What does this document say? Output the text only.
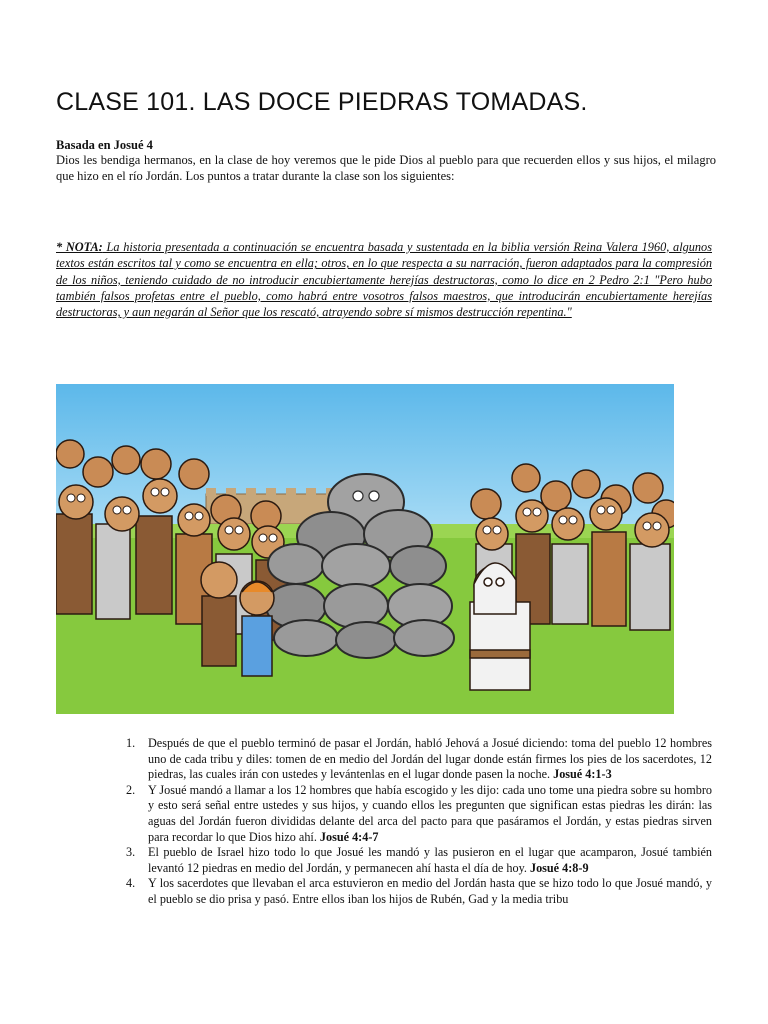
CLASE 101. LAS DOCE PIEDRAS TOMADAS.
Basada en Josué 4
Dios les bendiga hermanos, en la clase de hoy veremos que le pide Dios al pueblo para que recuerden ellos y sus hijos, el milagro que hizo en el río Jordán. Los puntos a tratar durante la clase son los siguientes:
* NOTA: La historia presentada a continuación se encuentra basada y sustentada en la biblia versión Reina Valera 1960, algunos textos están escritos tal y como se encuentra en ella; otros, en lo que respecta a su narración, fueron adaptados para la compresión de los niños, teniendo cuidado de no introducir encubiertamente herejías destructoras, como lo dice en 2 Pedro 2:1 "Pero hubo también falsos profetas entre el pueblo, como habrá entre vosotros falsos maestros, que introducirán encubiertamente herejías destructoras, y aun negarán al Señor que los rescató, atrayendo sobre sí mismos destrucción repentina."
1. Después de que el pueblo terminó de pasar el Jordán, habló Jehová a Josué diciendo: toma del pueblo 12 hombres uno de cada tribu y diles: tomen de en medio del Jordán del lugar donde están firmes los pies de los sacerdotes, 12 piedras, las cuales irán con ustedes y levántenlas en el lugar donde pasen la noche. Josué 4:1-3
2. Y Josué mandó a llamar a los 12 hombres que había escogido y les dijo: cada uno tome una piedra sobre su hombro y esto será señal entre ustedes y sus hijos, y cuando ellos les pregunten que significan estas piedras les dirán: las aguas del Jordán fueron divididas delante del arca del pacto para que pasáramos el Jordán, y estas piedras sirven para recordar lo que Dios hizo ahí. Josué 4:4-7
3. El pueblo de Israel hizo todo lo que Josué les mandó y las pusieron en el lugar que acamparon, Josué también levantó 12 piedras en medio del Jordán, y permanecen ahí hasta el día de hoy. Josué 4:8-9
4. Y los sacerdotes que llevaban el arca estuvieron en medio del Jordán hasta que se hizo todo lo que Josué mandó, y el pueblo se dio prisa y pasó. Entre ellos iban los hijos de Rubén, Gad y la media tribu
